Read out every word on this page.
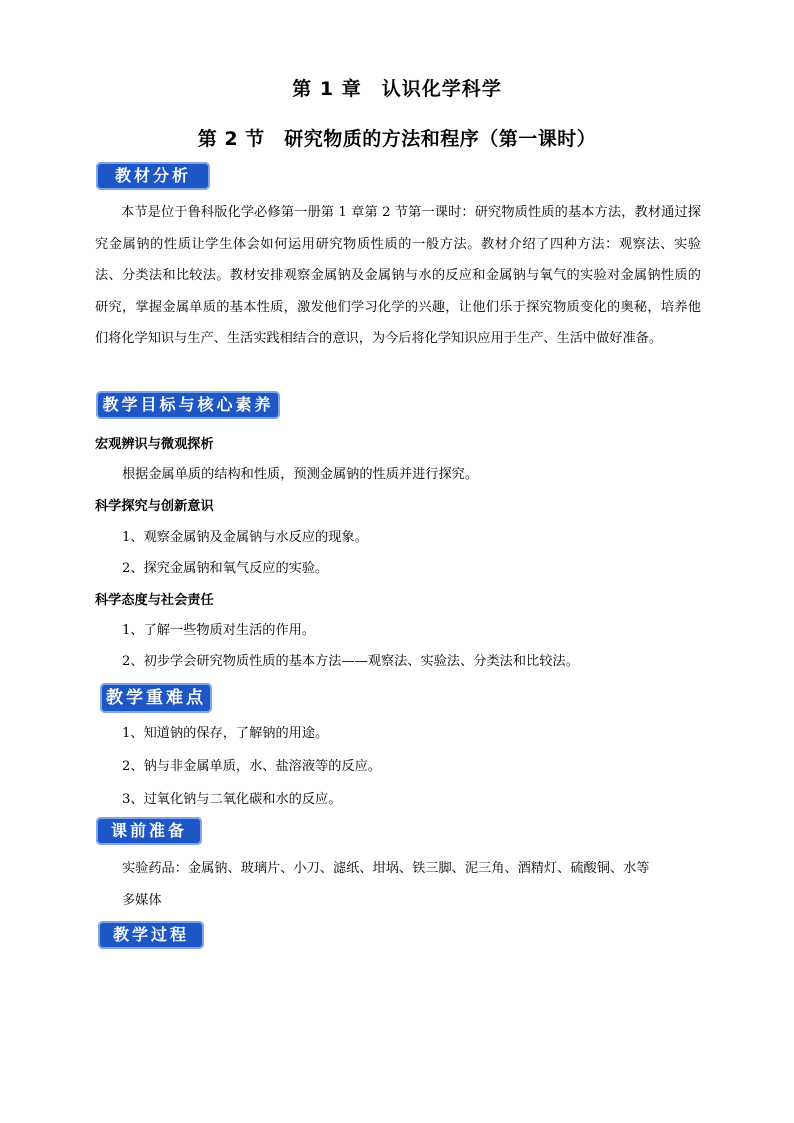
第 1 章　认识化学科学
第 2 节　研究物质的方法和程序（第一课时）
教材分析
本节是位于鲁科版化学必修第一册第 1 章第 2 节第一课时：研究物质性质的基本方法，教材通过探究金属钠的性质让学生体会如何运用研究物质性质的一般方法。教材介绍了四种方法：观察法、实验法、分类法和比较法。教材安排观察金属钠及金属钠与水的反应和金属钠与氧气的实验对金属钠性质的研究，掌握金属单质的基本性质，激发他们学习化学的兴趣，让他们乐于探究物质变化的奥秘，培养他们将化学知识与生产、生活实践相结合的意识，为今后将化学知识应用于生产、生活中做好准备。
教学目标与核心素养
宏观辨识与微观探析
根据金属单质的结构和性质，预测金属钠的性质并进行探究。
科学探究与创新意识
1、观察金属钠及金属钠与水反应的现象。
2、探究金属钠和氧气反应的实验。
科学态度与社会责任
1、了解一些物质对生活的作用。
2、初步学会研究物质性质的基本方法——观察法、实验法、分类法和比较法。
教学重难点
1、知道钠的保存，了解钠的用途。
2、钠与非金属单质，水、盐溶液等的反应。
3、过氧化钠与二氧化碳和水的反应。
课前准备
实验药品：金属钠、玻璃片、小刀、滤纸、坩埚、铁三脚、泥三角、酒精灯、硫酸铜、水等
多媒体
教学过程
